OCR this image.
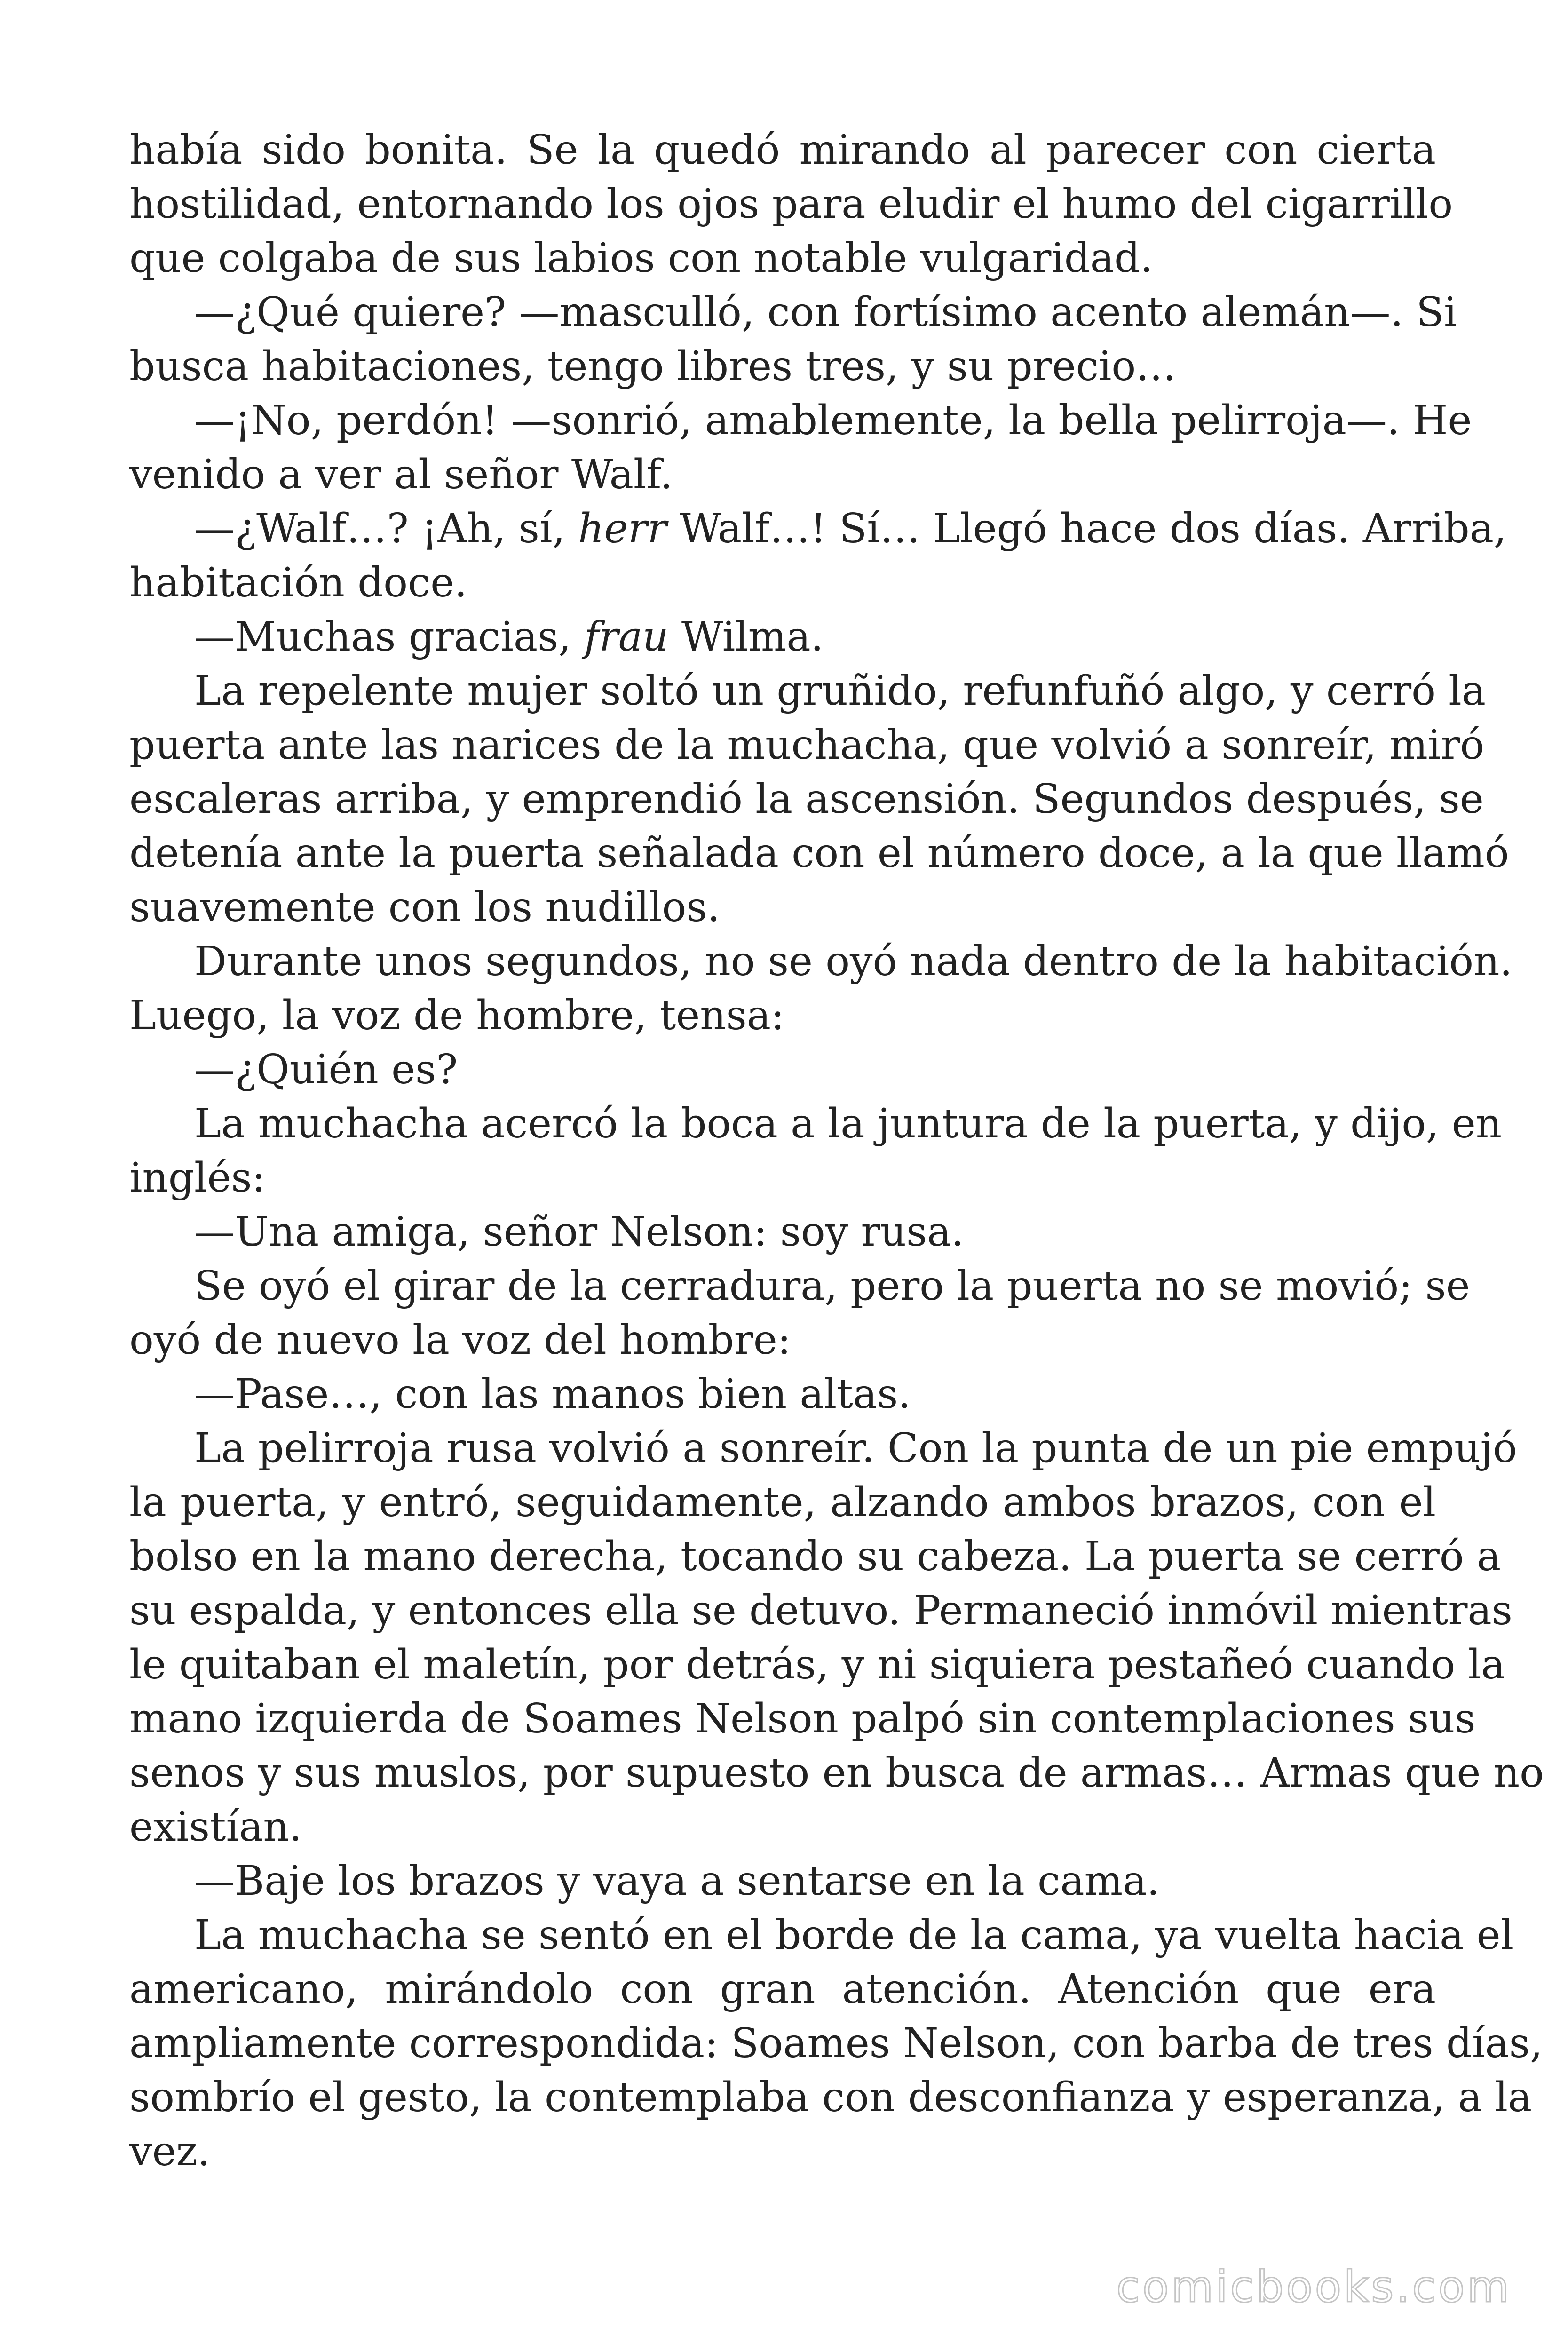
había sido bonita. Se la quedó mirando al parecer con cierta
hostilidad, entornando los ojos para eludir el humo del cigarrillo
que colgaba de sus labios con notable vulgaridad.
—¿Qué quiere? —masculló, con fortísimo acento alemán—. Si
busca habitaciones, tengo libres tres, y su precio…
—¡No, perdón! —sonrió, amablemente, la bella pelirroja—. He
venido a ver al señor Walf.
—¿Walf…? ¡Ah, sí, herr Walf…! Sí… Llegó hace dos días. Arriba,
habitación doce.
—Muchas gracias, frau Wilma.
La repelente mujer soltó un gruñido, refunfuñó algo, y cerró la
puerta ante las narices de la muchacha, que volvió a sonreír, miró
escaleras arriba, y emprendió la ascensión. Segundos después, se
detenía ante la puerta señalada con el número doce, a la que llamó
suavemente con los nudillos.
Durante unos segundos, no se oyó nada dentro de la habitación.
Luego, la voz de hombre, tensa:
—¿Quién es?
La muchacha acercó la boca a la juntura de la puerta, y dijo, en
inglés:
—Una amiga, señor Nelson: soy rusa.
Se oyó el girar de la cerradura, pero la puerta no se movió; se
oyó de nuevo la voz del hombre:
—Pase…, con las manos bien altas.
La pelirroja rusa volvió a sonreír. Con la punta de un pie empujó
la puerta, y entró, seguidamente, alzando ambos brazos, con el
bolso en la mano derecha, tocando su cabeza. La puerta se cerró a
su espalda, y entonces ella se detuvo. Permaneció inmóvil mientras
le quitaban el maletín, por detrás, y ni siquiera pestañeó cuando la
mano izquierda de Soames Nelson palpó sin contemplaciones sus
senos y sus muslos, por supuesto en busca de armas… Armas que no
existían.
—Baje los brazos y vaya a sentarse en la cama.
La muchacha se sentó en el borde de la cama, ya vuelta hacia el
americano, mirándolo con gran atención. Atención que era
ampliamente correspondida: Soames Nelson, con barba de tres días,
sombrío el gesto, la contemplaba con desconfianza y esperanza, a la
vez.
comicbooks.com
